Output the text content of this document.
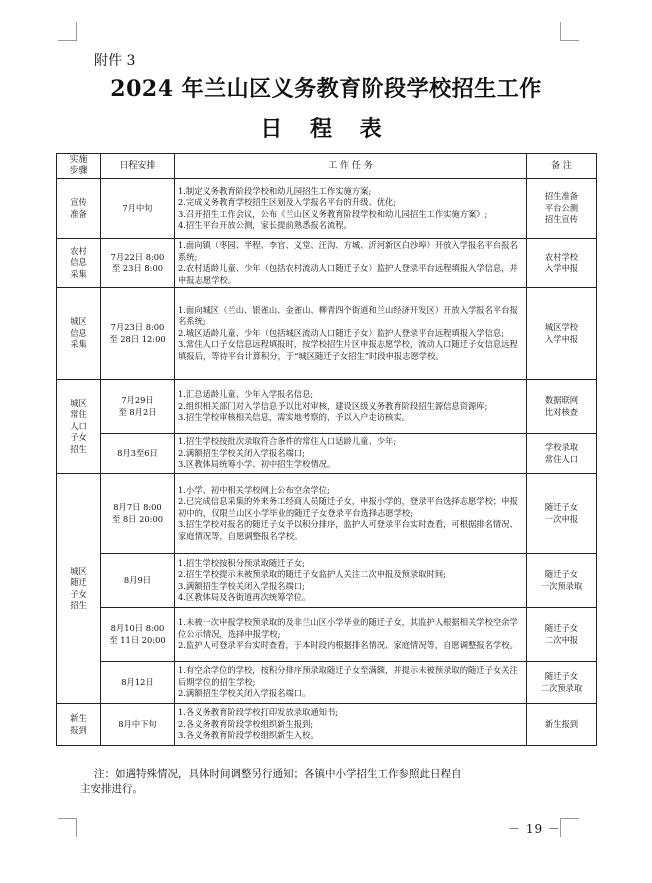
附件 3
2024 年兰山区义务教育阶段学校招生工作
日 程 表
实施
步骤	日程安排	工 作 任 务	备 注

宣传
准备	7月中旬	1.制定义务教育阶段学校和幼儿园招生工作实施方案;
2.完成义务教育学校招生区划及入学报名平台的升级、优化;
3.召开招生工作会议，公布《兰山区义务教育阶段学校和幼儿园招生工作实施方案》;
4.招生平台开放公测，家长提前熟悉报名流程。	招生准备
平台公测
招生宣传

农村
信息
采集	7月22日 8:00
至 23日 8:00	1.面向镇（枣园、半程、李官、义堂、汪沟、方城、沂河新区白沙埠）开放入学报名平台报名系统;
2.农村适龄儿童、少年（包括农村流动人口随迁子女）监护人登录平台远程填报入学信息，并申报志愿学校。	农村学校
入学申报

城区
信息
采集	7月23日 8:00
至 28日 12:00	1.面向城区（兰山、银雀山、金雀山、柳青四个街道和兰山经济开发区）开放入学报名平台报名系统;
2.城区适龄儿童、少年（包括城区流动人口随迁子女）监护人登录平台远程填报入学信息;
3.常住人口子女信息远程填报时，按学校招生片区申报志愿学校，流动人口随迁子女信息远程填报后，等待平台计算积分，于“城区随迁子女招生”时段申报志愿学校。	城区学校
入学申报

城区
常住
人口
子女
招生	7月29日
至 8月2日	1.汇总适龄儿童、少年入学报名信息;
2.组织相关部门对入学信息予以比对审核，建设区级义务教育阶段招生源信息资源库;
3.招生学校审核相关信息，需实地考察的，予以入户走访核实。	数据联网
比对核查

	8月3至6日	1.招生学校按批次录取符合条件的常住人口适龄儿童、少年;
2.满额招生学校关闭入学报名端口;
3.区教体局统筹小学、初中招生学校情况。	学校录取
常住人口

城区
随迁
子女
招生	8月7日 8:00
至 8日 20:00	1.小学、初中相关学校网上公布空余学位;
2.已完成信息采集的外来务工经商人员随迁子女，申报小学的，登录平台选择志愿学校；申报初中的，仅限兰山区小学毕业的随迁子女登录平台选择志愿学校;
3.招生学校对报名的随迁子女予以积分排序，监护人可登录平台实时查看，可根据排名情况、家庭情况等，自愿调整报名学校。	随迁子女
一次申报

	8月9日	1.招生学校按积分预录取随迁子女;
2.招生学校提示未被预录取的随迁子女监护人关注二次申报及预录取时间;
3.满额招生学校关闭入学报名端口;
4.区教体局及各街道再次统筹学位。	随迁子女
一次预录取

	8月10日 8:00
至 11日 20:00	1.未被一次申报学校预录取的及非兰山区小学毕业的随迁子女，其监护人根据相关学校空余学位公示情况，选择申报学校;
2.监护人可登录平台实时查看，于本时段内根据排名情况、家庭情况等，自愿调整报名学校。	随迁子女
二次申报

	8月12日	1.有空余学位的学校，按积分排序预录取随迁子女至满额，并提示未被预录取的随迁子女关注后期学位的招生学校;
2.满额招生学校关闭入学报名端口。	随迁子女
二次预录取

新生
报到	8月中下旬	1.各义务教育阶段学校打印发放录取通知书;
2.各义务教育阶段学校组织新生报到;
3.各义务教育阶段学校组织新生入校。	新生报到
注：如遇特殊情况，具体时间调整另行通知；各镇中小学招生工作参照此日程自
主安排进行。
－ 19 －
